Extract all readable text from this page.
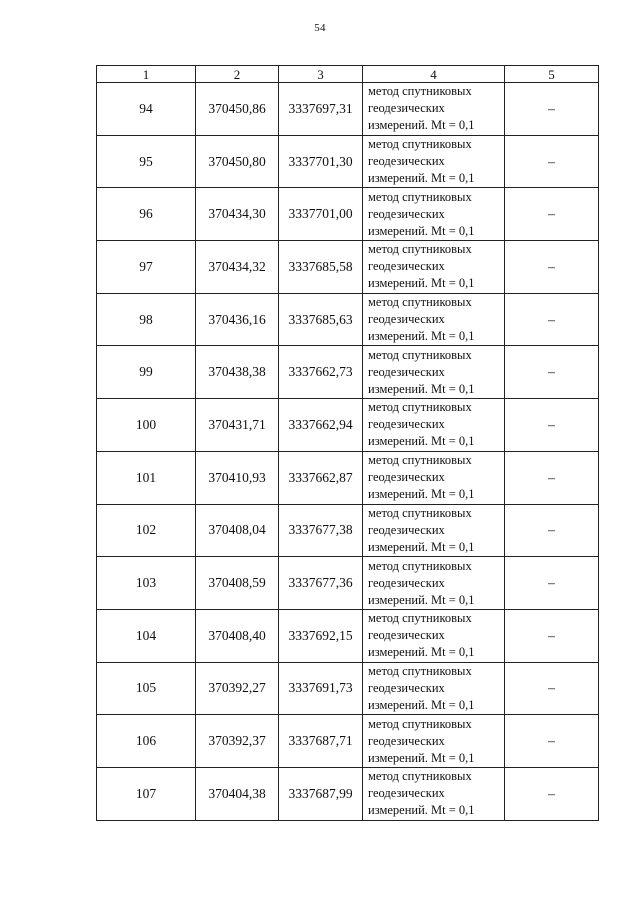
54
1	2	3	4	5
94	370450,86	3337697,31	метод спутниковых
геодезических
измерений. Mt = 0,1	–
95	370450,80	3337701,30	метод спутниковых
геодезических
измерений. Mt = 0,1	–
96	370434,30	3337701,00	метод спутниковых
геодезических
измерений. Mt = 0,1	–
97	370434,32	3337685,58	метод спутниковых
геодезических
измерений. Mt = 0,1	–
98	370436,16	3337685,63	метод спутниковых
геодезических
измерений. Mt = 0,1	–
99	370438,38	3337662,73	метод спутниковых
геодезических
измерений. Mt = 0,1	–
100	370431,71	3337662,94	метод спутниковых
геодезических
измерений. Mt = 0,1	–
101	370410,93	3337662,87	метод спутниковых
геодезических
измерений. Mt = 0,1	–
102	370408,04	3337677,38	метод спутниковых
геодезических
измерений. Mt = 0,1	–
103	370408,59	3337677,36	метод спутниковых
геодезических
измерений. Mt = 0,1	–
104	370408,40	3337692,15	метод спутниковых
геодезических
измерений. Mt = 0,1	–
105	370392,27	3337691,73	метод спутниковых
геодезических
измерений. Mt = 0,1	–
106	370392,37	3337687,71	метод спутниковых
геодезических
измерений. Mt = 0,1	–
107	370404,38	3337687,99	метод спутниковых
геодезических
измерений. Mt = 0,1	–
